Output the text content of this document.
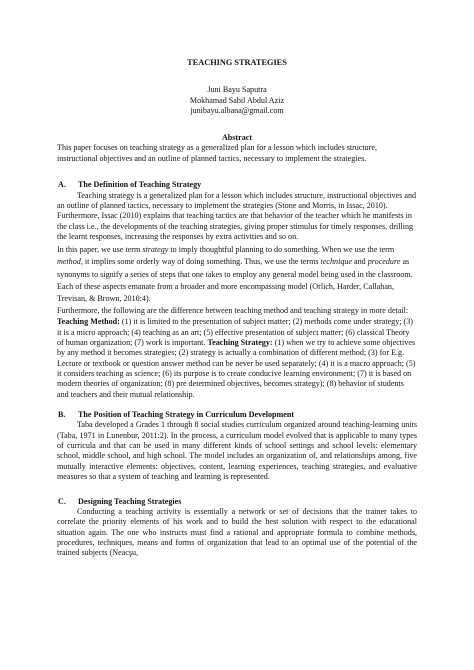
TEACHING STRATEGIES
Juni Bayu Saputra
Mokhamad Sabil Abdul Aziz
junibayu.albana@gmail.com
Abstract

This paper focuses on teaching strategy as a generalized plan for a lesson which includes structure, instructional objectives and an outline of planned tactics, necessary to implement the strategies.

A. The Definition of Teaching Strategy

Teaching strategy is a generalized plan for a lesson which includes structure, instructional objectives and an outline of planned tactics, necessary to implement the strategies (Stone and Morris, in Issac, 2010). Furthermore, Issac (2010) explains that teaching tactics are that behavior of the teacher which he manifests in the class i.e., the developments of the teaching strategies, giving proper stimulus for timely responses, drilling the learnt responses, increasing the responses by extra activities and so on.

In this paper, we use term strategy to imply thoughtful planning to do something. When we use the term method, it implies some orderly way of doing something. Thus, we use the terms technique and procedure as synonyms to signify a series of steps that one takes to employ any general model being used in the classroom. Each of these aspects emanate from a broader and more encompassing model (Orlich, Harder, Callahan, Trevisan, & Brown, 2010:4).

Furthermore, the following are the difference between teaching method and teaching strategy in more detail:

Teaching Method: (1) it is limited to the presentation of subject matter; (2) methods come under strategy; (3) it is a micro approach; (4) teaching as an art; (5) effective presentation of subject matter; (6) classical Theory of human organization; (7) work is important. Teaching Strategy: (1) when we try to achieve some objectives by any method it becomes strategies; (2) strategy is actually a combination of different method; (3) for E.g. Lecture or textbook or question answer method can be never be used separately; (4) it is a macro approach; (5) it considers teaching as science; (6) its purpose is to create conducive learning environment; (7) it is based on modern theories of organization; (8) pre determined objectives, becomes strategy); (8) behavior of students and teachers and their mutual relationship.

B. The Position of Teaching Strategy in Curriculum Development

Taba developed a Grades 1 through 8 social studies curriculum organized around teaching-learning units (Taba, 1971 in Lunenbur, 2011:2). In the process, a curriculum model evolved that is applicable to many types of curricula and that can be used in many different kinds of school settings and school levels: elementary school, middle school, and high school. The model includes an organization of, and relationships among, five mutually interactive elements: objectives, content, learning experiences, teaching strategies, and evaluative measures so that a system of teaching and learning is represented.

C. Designing Teaching Strategies

Conducting a teaching activity is essentially a network or set of decisions that the trainer takes to correlate the priority elements of his work and to build the best solution with respect to the educational situation again. The one who instructs must find a rational and appropriate formula to combine methods, procedures, techniques, means and forms of organization that lead to an optimal use of the potential of the trained subjects (Neacşu,
